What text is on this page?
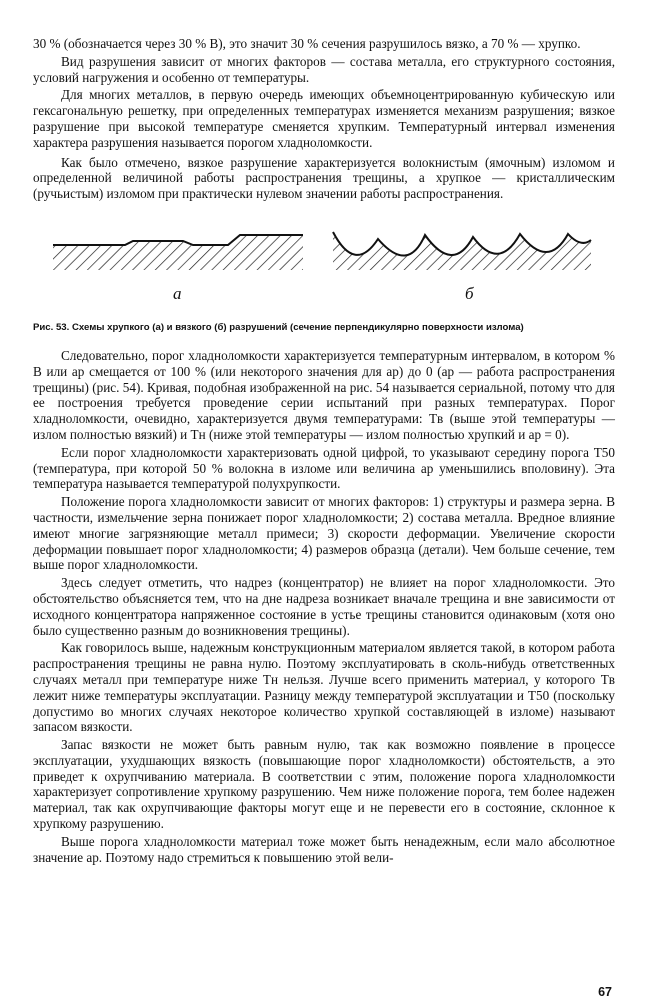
30 % (обозначается через 30 % В), это значит 30 % сечения разрушилось вязко, а 70 % — хрупко.

Вид разрушения зависит от многих факторов — состава металла, его структурного состояния, условий нагружения и особенно от температуры.

Для многих металлов, в первую очередь имеющих объемноцентрированную кубическую или гексагональную решетку, при определенных температурах изменяется механизм разрушения; вязкое разрушение при высокой температуре сменяется хрупким. Температурный интервал изменения характера разрушения называется порогом хладноломкости.

Как было отмечено, вязкое разрушение характеризуется волокнистым (ямочным) изломом и определенной величиной работы распространения трещины, а хрупкое — кристаллическим (ручьистым) изломом при практически нулевом значении работы распространения.

а	б

Рис. 53. Схемы хрупкого (а) и вязкого (б) разрушений (сечение перпендикулярно поверхности излома)

Следовательно, порог хладноломкости характеризуется температурным интервалом, в котором % В или aр смещается от 100 % (или некоторого значения для aр) до 0 (aр — работа распространения трещины) (рис. 54). Кривая, подобная изображенной на рис. 54 называется сериальной, потому что для ее построения требуется проведение серии испытаний при разных температурах. Порог хладноломкости, очевидно, характеризуется двумя температурами: Tв (выше этой температуры — излом полностью вязкий) и Tн (ниже этой температуры — излом полностью хрупкий и aр = 0).

Если порог хладноломкости характеризовать одной цифрой, то указывают середину порога T50 (температура, при которой 50 % волокна в изломе или величина aр уменьшились вполовину). Эта температура называется температурой полухрупкости.

Положение порога хладноломкости зависит от многих факторов: 1) структуры и размера зерна. В частности, измельчение зерна понижает порог хладноломкости; 2) состава металла. Вредное влияние имеют многие загрязняющие металл примеси; 3) скорости деформации. Увеличение скорости деформации повышает порог хладноломкости; 4) размеров образца (детали). Чем больше сечение, тем выше порог хладноломкости.

Здесь следует отметить, что надрез (концентратор) не влияет на порог хладноломкости. Это обстоятельство объясняется тем, что на дне надреза возникает вначале трещина и вне зависимости от исходного концентратора напряженное состояние в устье трещины становится одинаковым (хотя оно было существенно разным до возникновения трещины).

Как говорилось выше, надежным конструкционным материалом является такой, в котором работа распространения трещины не равна нулю. Поэтому эксплуатировать в сколь-нибудь ответственных случаях металл при температуре ниже Tн нельзя. Лучше всего применить материал, у которого Tв лежит ниже температуры эксплуатации. Разницу между температурой эксплуатации и T50 (поскольку допустимо во многих случаях некоторое количество хрупкой составляющей в изломе) называют запасом вязкости.

Запас вязкости не может быть равным нулю, так как возможно появление в процессе эксплуатации, ухудшающих вязкость (повышающие порог хладноломкости) обстоятельств, а это приведет к охрупчиванию материала. В соответствии с этим, положение порога хладноломкости характеризует сопротивление хрупкому разрушению. Чем ниже положение порога, тем более надежен материал, так как охрупчивающие факторы могут еще и не перевести его в состояние, склонное к хрупкому разрушению.

Выше порога хладноломкости материал тоже может быть ненадежным, если мало абсолютное значение aр. Поэтому надо стремиться к повышению этой вели-

67
